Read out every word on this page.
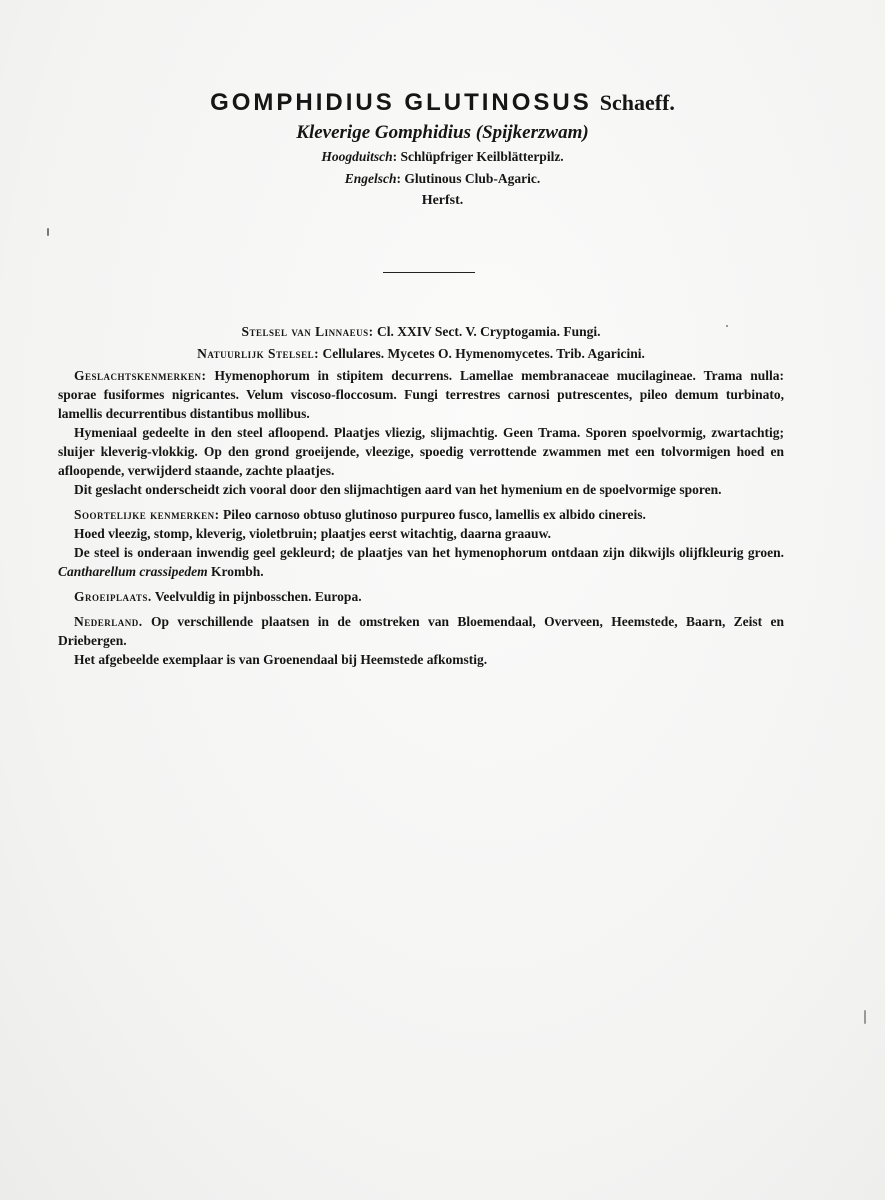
GOMPHIDIUS GLUTINOSUS Schaeff.
Kleverige Gomphidius (Spijkerzwam)
Hoogduitsch: Schlüpfriger Keilblätterpilz.
Engelsch: Glutinous Club-Agaric.
Herfst.
Stelsel van Linnaeus: Cl. XXIV Sect. V. Cryptogamia. Fungi.
Natuurlijk Stelsel: Cellulares. Mycetes O. Hymenomycetes. Trib. Agaricini.
Geslachtskenmerken: Hymenophorum in stipitem decurrens. Lamellae membranaceae mucilagineae. Trama nulla: sporae fusiformes nigricantes. Velum viscoso-floccosum. Fungi terrestres carnosi putrescentes, pileo demum turbinato, lamellis decurrentibus distantibus mollibus.
Hymeniaal gedeelte in den steel afloopend. Plaatjes vliezig, slijmachtig. Geen Trama. Sporen spoelvormig, zwartachtig; sluijer kleverig-vlokkig. Op den grond groeijende, vleezige, spoedig verrottende zwammen met een tolvormigen hoed en afloopende, verwijderd staande, zachte plaatjes.
Dit geslacht onderscheidt zich vooral door den slijmachtigen aard van het hymenium en de spoelvormige sporen.
Soortelijke kenmerken: Pileo carnoso obtuso glutinoso purpureo fusco, lamellis ex albido cinereis.
Hoed vleezig, stomp, kleverig, violetbruin; plaatjes eerst witachtig, daarna graauw.
De steel is onderaan inwendig geel gekleurd; de plaatjes van het hymenophorum ontdaan zijn dikwijls olijfkleurig groen. Cantharellum crassipedem Krombh.
Groeiplaats. Veelvuldig in pijnbosschen. Europa.
Nederland. Op verschillende plaatsen in de omstreken van Bloemendaal, Overveen, Heemstede, Baarn, Zeist en Driebergen.
Het afgebeelde exemplaar is van Groenendaal bij Heemstede afkomstig.
